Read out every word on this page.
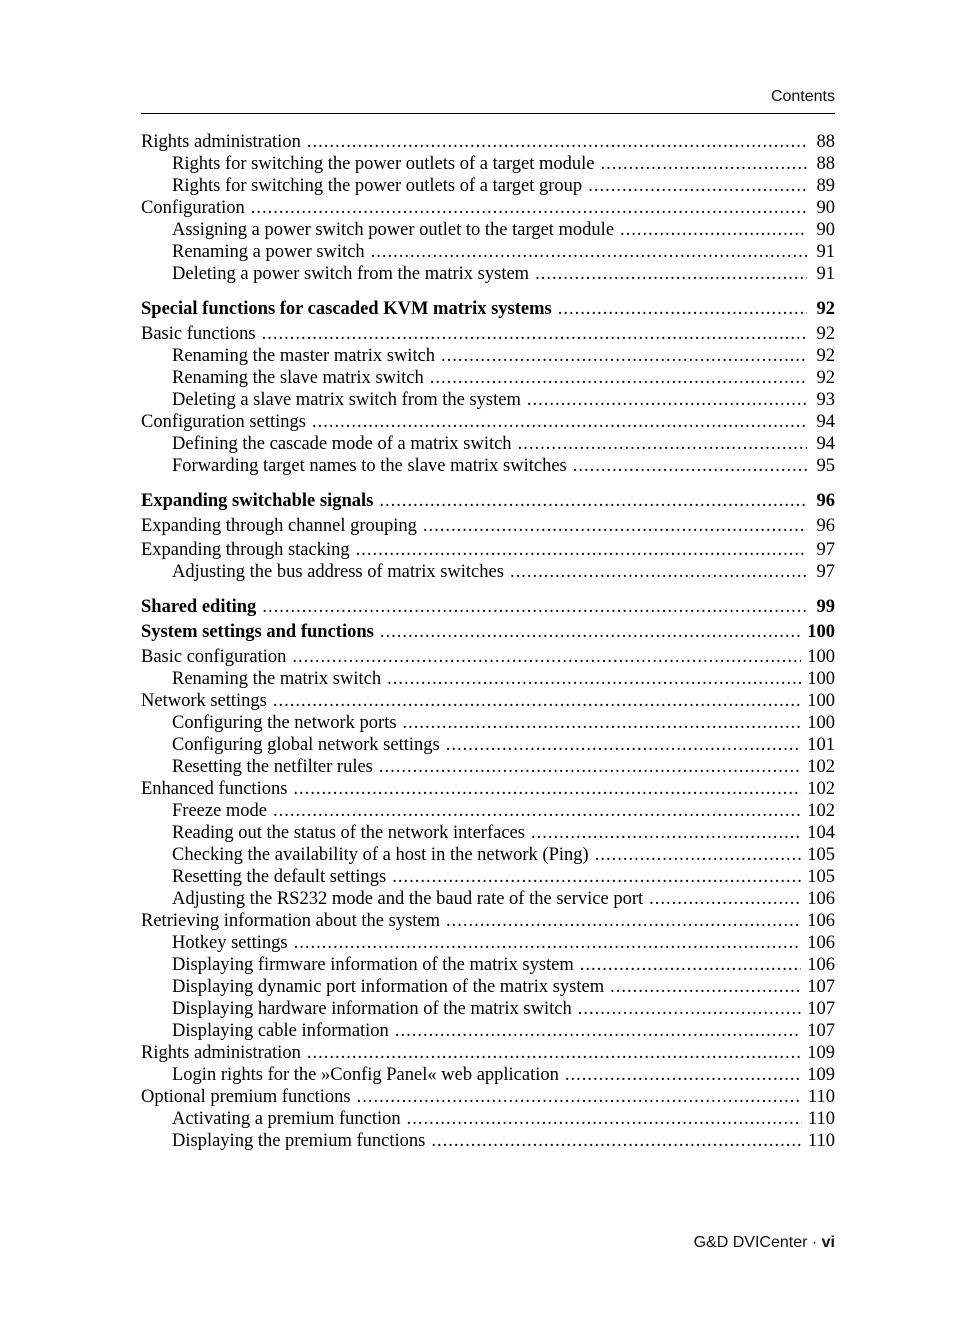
Contents
Rights administration .....	88
Rights for switching the power outlets of a target module .....	88
Rights for switching the power outlets of a target group .....	89
Configuration .....	90
Assigning a power switch power outlet to the target module .....	90
Renaming a power switch .....	91
Deleting a power switch from the matrix system .....	91
Special functions for cascaded KVM matrix systems .....	92
Basic functions .....	92
Renaming the master matrix switch .....	92
Renaming the slave matrix switch .....	92
Deleting a slave matrix switch from the system .....	93
Configuration settings .....	94
Defining the cascade mode of a matrix switch .....	94
Forwarding target names to the slave matrix switches .....	95
Expanding switchable signals .....	96
Expanding through channel grouping .....	96
Expanding through stacking .....	97
Adjusting the bus address of matrix switches .....	97
Shared editing .....	99
System settings and functions .....	100
Basic configuration .....	100
Renaming the matrix switch .....	100
Network settings .....	100
Configuring the network ports .....	100
Configuring global network settings .....	101
Resetting the netfilter rules .....	102
Enhanced functions .....	102
Freeze mode .....	102
Reading out the status of the network interfaces .....	104
Checking the availability of a host in the network (Ping) .....	105
Resetting the default settings .....	105
Adjusting the RS232 mode and the baud rate of the service port .....	106
Retrieving information about the system .....	106
Hotkey settings .....	106
Displaying firmware information of the matrix system .....	106
Displaying dynamic port information of the matrix system .....	107
Displaying hardware information of the matrix switch .....	107
Displaying cable information .....	107
Rights administration .....	109
Login rights for the »Config Panel« web application .....	109
Optional premium functions .....	110
Activating a premium function .....	110
Displaying the premium functions .....	110
G&D DVICenter · vi
